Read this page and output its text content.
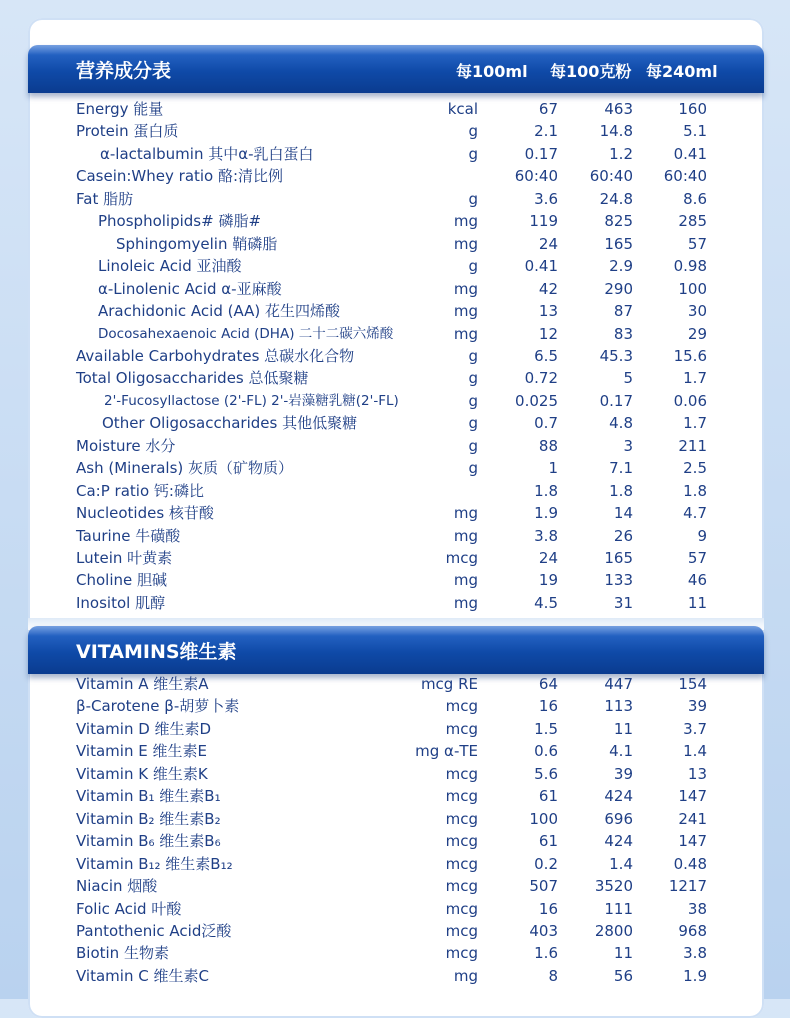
营养成分表	每100ml 每100克粉 每240ml
Energy 能量	kcal	67	463	160
Protein 蛋白质	g	2.1	14.8	5.1
α-lactalbumin 其中α-乳白蛋白	g	0.17	1.2	0.41
Casein:Whey ratio 酪:清比例	60:40	60:40	60:40
Fat 脂肪	g	3.6	24.8	8.6
Phospholipids# 磷脂#	mg	119	825	285
Sphingomyelin 鞘磷脂	mg	24	165	57
Linoleic Acid 亚油酸	g	0.41	2.9	0.98
α-Linolenic Acid α-亚麻酸	mg	42	290	100
Arachidonic Acid (AA) 花生四烯酸	mg	13	87	30
Docosahexaenoic Acid (DHA) 二十二碳六烯酸	mg	12	83	29
Available Carbohydrates 总碳水化合物	g	6.5	45.3	15.6
Total Oligosaccharides 总低聚糖	g	0.72	5	1.7
2'-Fucosyllactose (2'-FL) 2'-岩藻糖乳糖(2'-FL)	g	0.025	0.17	0.06
Other Oligosaccharides 其他低聚糖	g	0.7	4.8	1.7
Moisture 水分	g	88	3	211
Ash (Minerals) 灰质（矿物质）	g	1	7.1	2.5
Ca:P ratio 钙:磷比	1.8	1.8	1.8
Nucleotides 核苷酸	mg	1.9	14	4.7
Taurine 牛磺酸	mg	3.8	26	9
Lutein 叶黄素	mcg	24	165	57
Choline 胆碱	mg	19	133	46
Inositol 肌醇	mg	4.5	31	11
VITAMINS维生素
Vitamin A 维生素A	mcg RE	64	447	154
β-Carotene β-胡萝卜素	mcg	16	113	39
Vitamin D 维生素D	mcg	1.5	11	3.7
Vitamin E 维生素E	mg α-TE	0.6	4.1	1.4
Vitamin K 维生素K	mcg	5.6	39	13
Vitamin B₁ 维生素B₁	mcg	61	424	147
Vitamin B₂ 维生素B₂	mcg	100	696	241
Vitamin B₆ 维生素B₆	mcg	61	424	147
Vitamin B₁₂ 维生素B₁₂	mcg	0.2	1.4	0.48
Niacin 烟酸	mcg	507	3520	1217
Folic Acid 叶酸	mcg	16	111	38
Pantothenic Acid泛酸	mcg	403	2800	968
Biotin 生物素	mcg	1.6	11	3.8
Vitamin C 维生素C	mg	8	56	1.9
